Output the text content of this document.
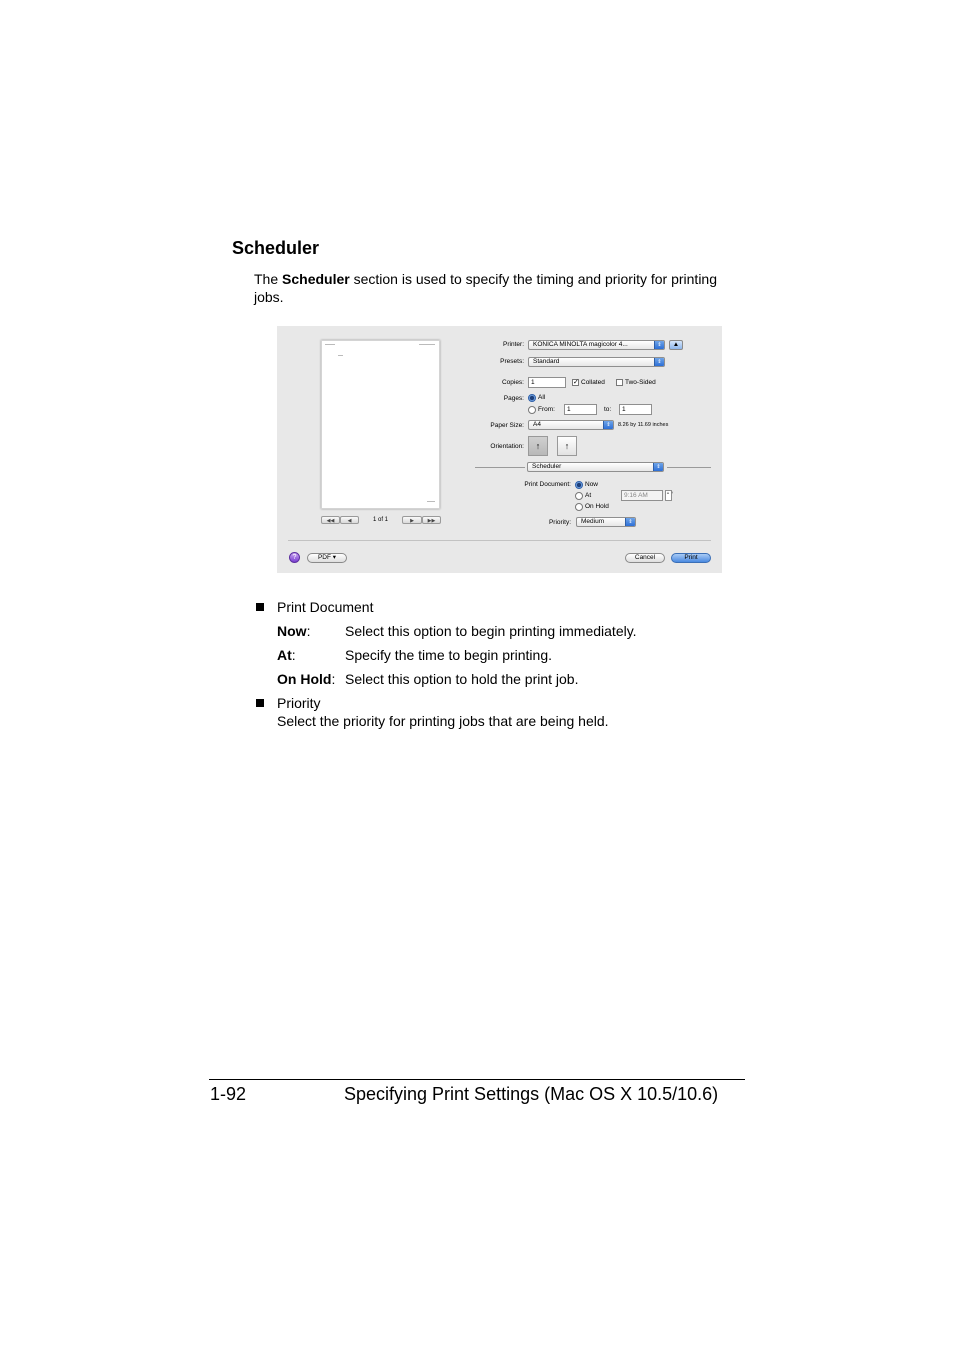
Scheduler
The Scheduler section is used to specify the timing and priority for printing jobs.
◀◀	◀	1 of 1	▶	▶▶
Printer:	KONICA MINOLTA magicolor 4...	⇕	▲
Presets:	Standard	⇕
Copies:	1	✓ Collated	Two-Sided
Pages: All
From:	1	to:	1
Paper Size:	A4	⇕	8.26 by 11.69 inches
Orientation:	↑	↑
Scheduler	⇕
Print Document: Now
At	9:16 AM	▲▼
On Hold
Priority:	Medium	⇕
?	PDF ▾	Cancel	Print
Print Document
Now: Select this option to begin printing immediately.
At:	Specify the time to begin printing.
On Hold: Select this option to hold the print job.
Priority
Select the priority for printing jobs that are being held.
1-92	Specifying Print Settings (Mac OS X 10.5/10.6)
